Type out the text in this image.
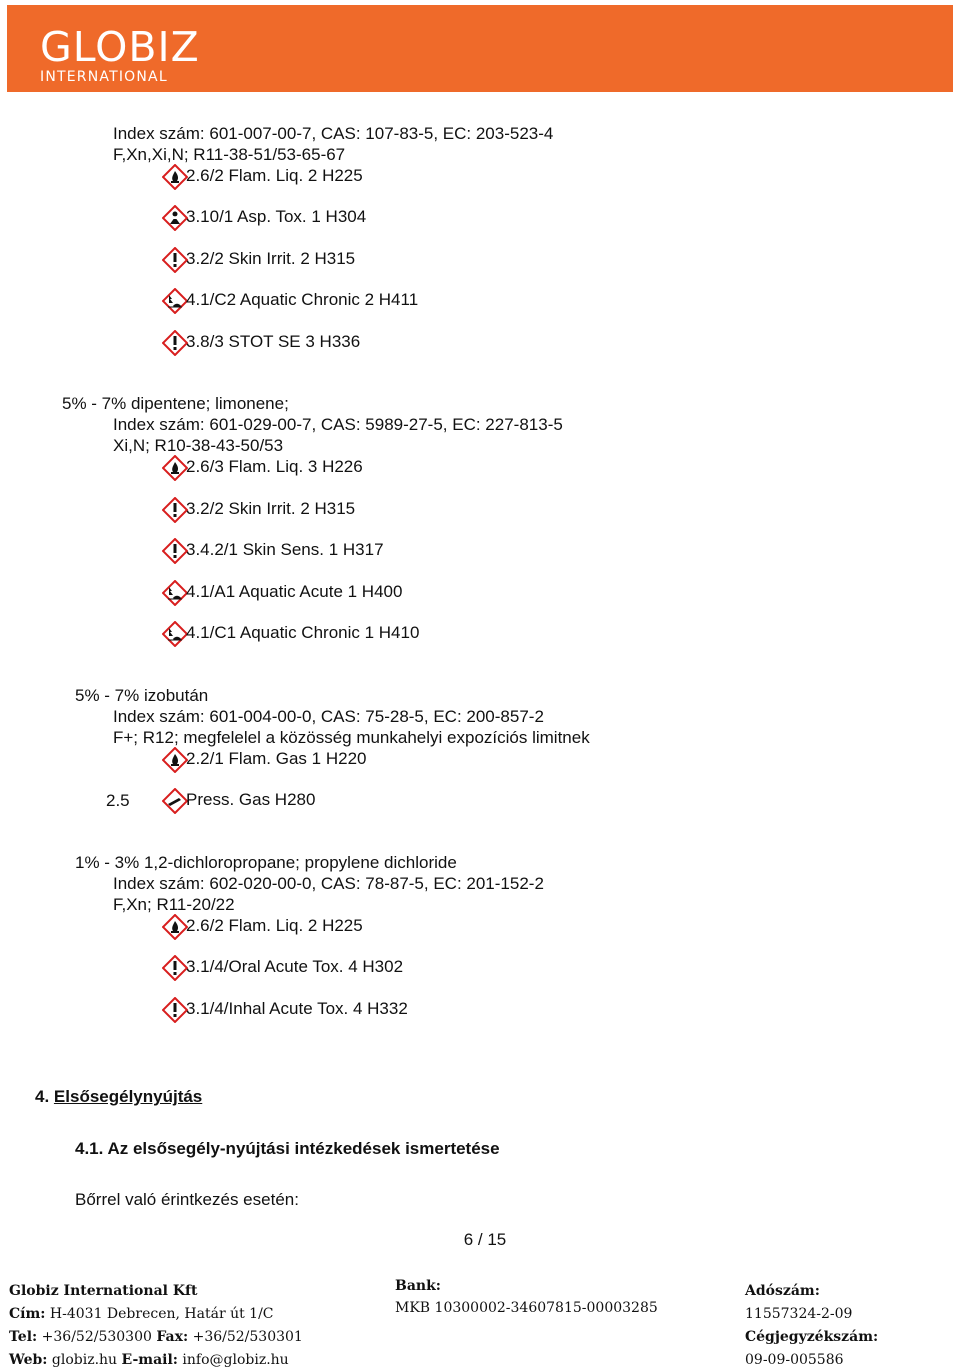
GLOBIZ
INTERNATIONAL
Index szám: 601-007-00-7, CAS: 107-83-5, EC: 203-523-4
F,Xn,Xi,N; R11-38-51/53-65-67
2.6/2 Flam. Liq. 2 H225
3.10/1 Asp. Tox. 1 H304
3.2/2 Skin Irrit. 2 H315
4.1/C2 Aquatic Chronic 2 H411
3.8/3 STOT SE 3 H336
5% - 7% dipentene; limonene;
Index szám: 601-029-00-7, CAS: 5989-27-5, EC: 227-813-5
Xi,N; R10-38-43-50/53
2.6/3 Flam. Liq. 3 H226
3.2/2 Skin Irrit. 2 H315
3.4.2/1 Skin Sens. 1 H317
4.1/A1 Aquatic Acute 1 H400
4.1/C1 Aquatic Chronic 1 H410
5% - 7% izobután
Index szám: 601-004-00-0, CAS: 75-28-5, EC: 200-857-2
F+; R12; megfelelel a közösség munkahelyi expozíciós limitnek
2.2/1 Flam. Gas 1 H220
2.5	Press. Gas H280
1% - 3% 1,2-dichloropropane; propylene dichloride
Index szám: 602-020-00-0, CAS: 78-87-5, EC: 201-152-2
F,Xn; R11-20/22
2.6/2 Flam. Liq. 2 H225
3.1/4/Oral Acute Tox. 4 H302
3.1/4/Inhal Acute Tox. 4 H332
4. Elsősegélynyújtás
4.1. Az elsősegély-nyújtási intézkedések ismertetése
Bőrrel való érintkezés esetén:
6 / 15
Globiz International Kft
Cím: H-4031 Debrecen, Határ út 1/C
Tel: +36/52/530300 Fax: +36/52/530301
Web: globiz.hu E-mail: info@globiz.hu
Bank:
MKB 10300002-34607815-00003285
Adószám:
11557324-2-09
Cégjegyzékszám:
09-09-005586
